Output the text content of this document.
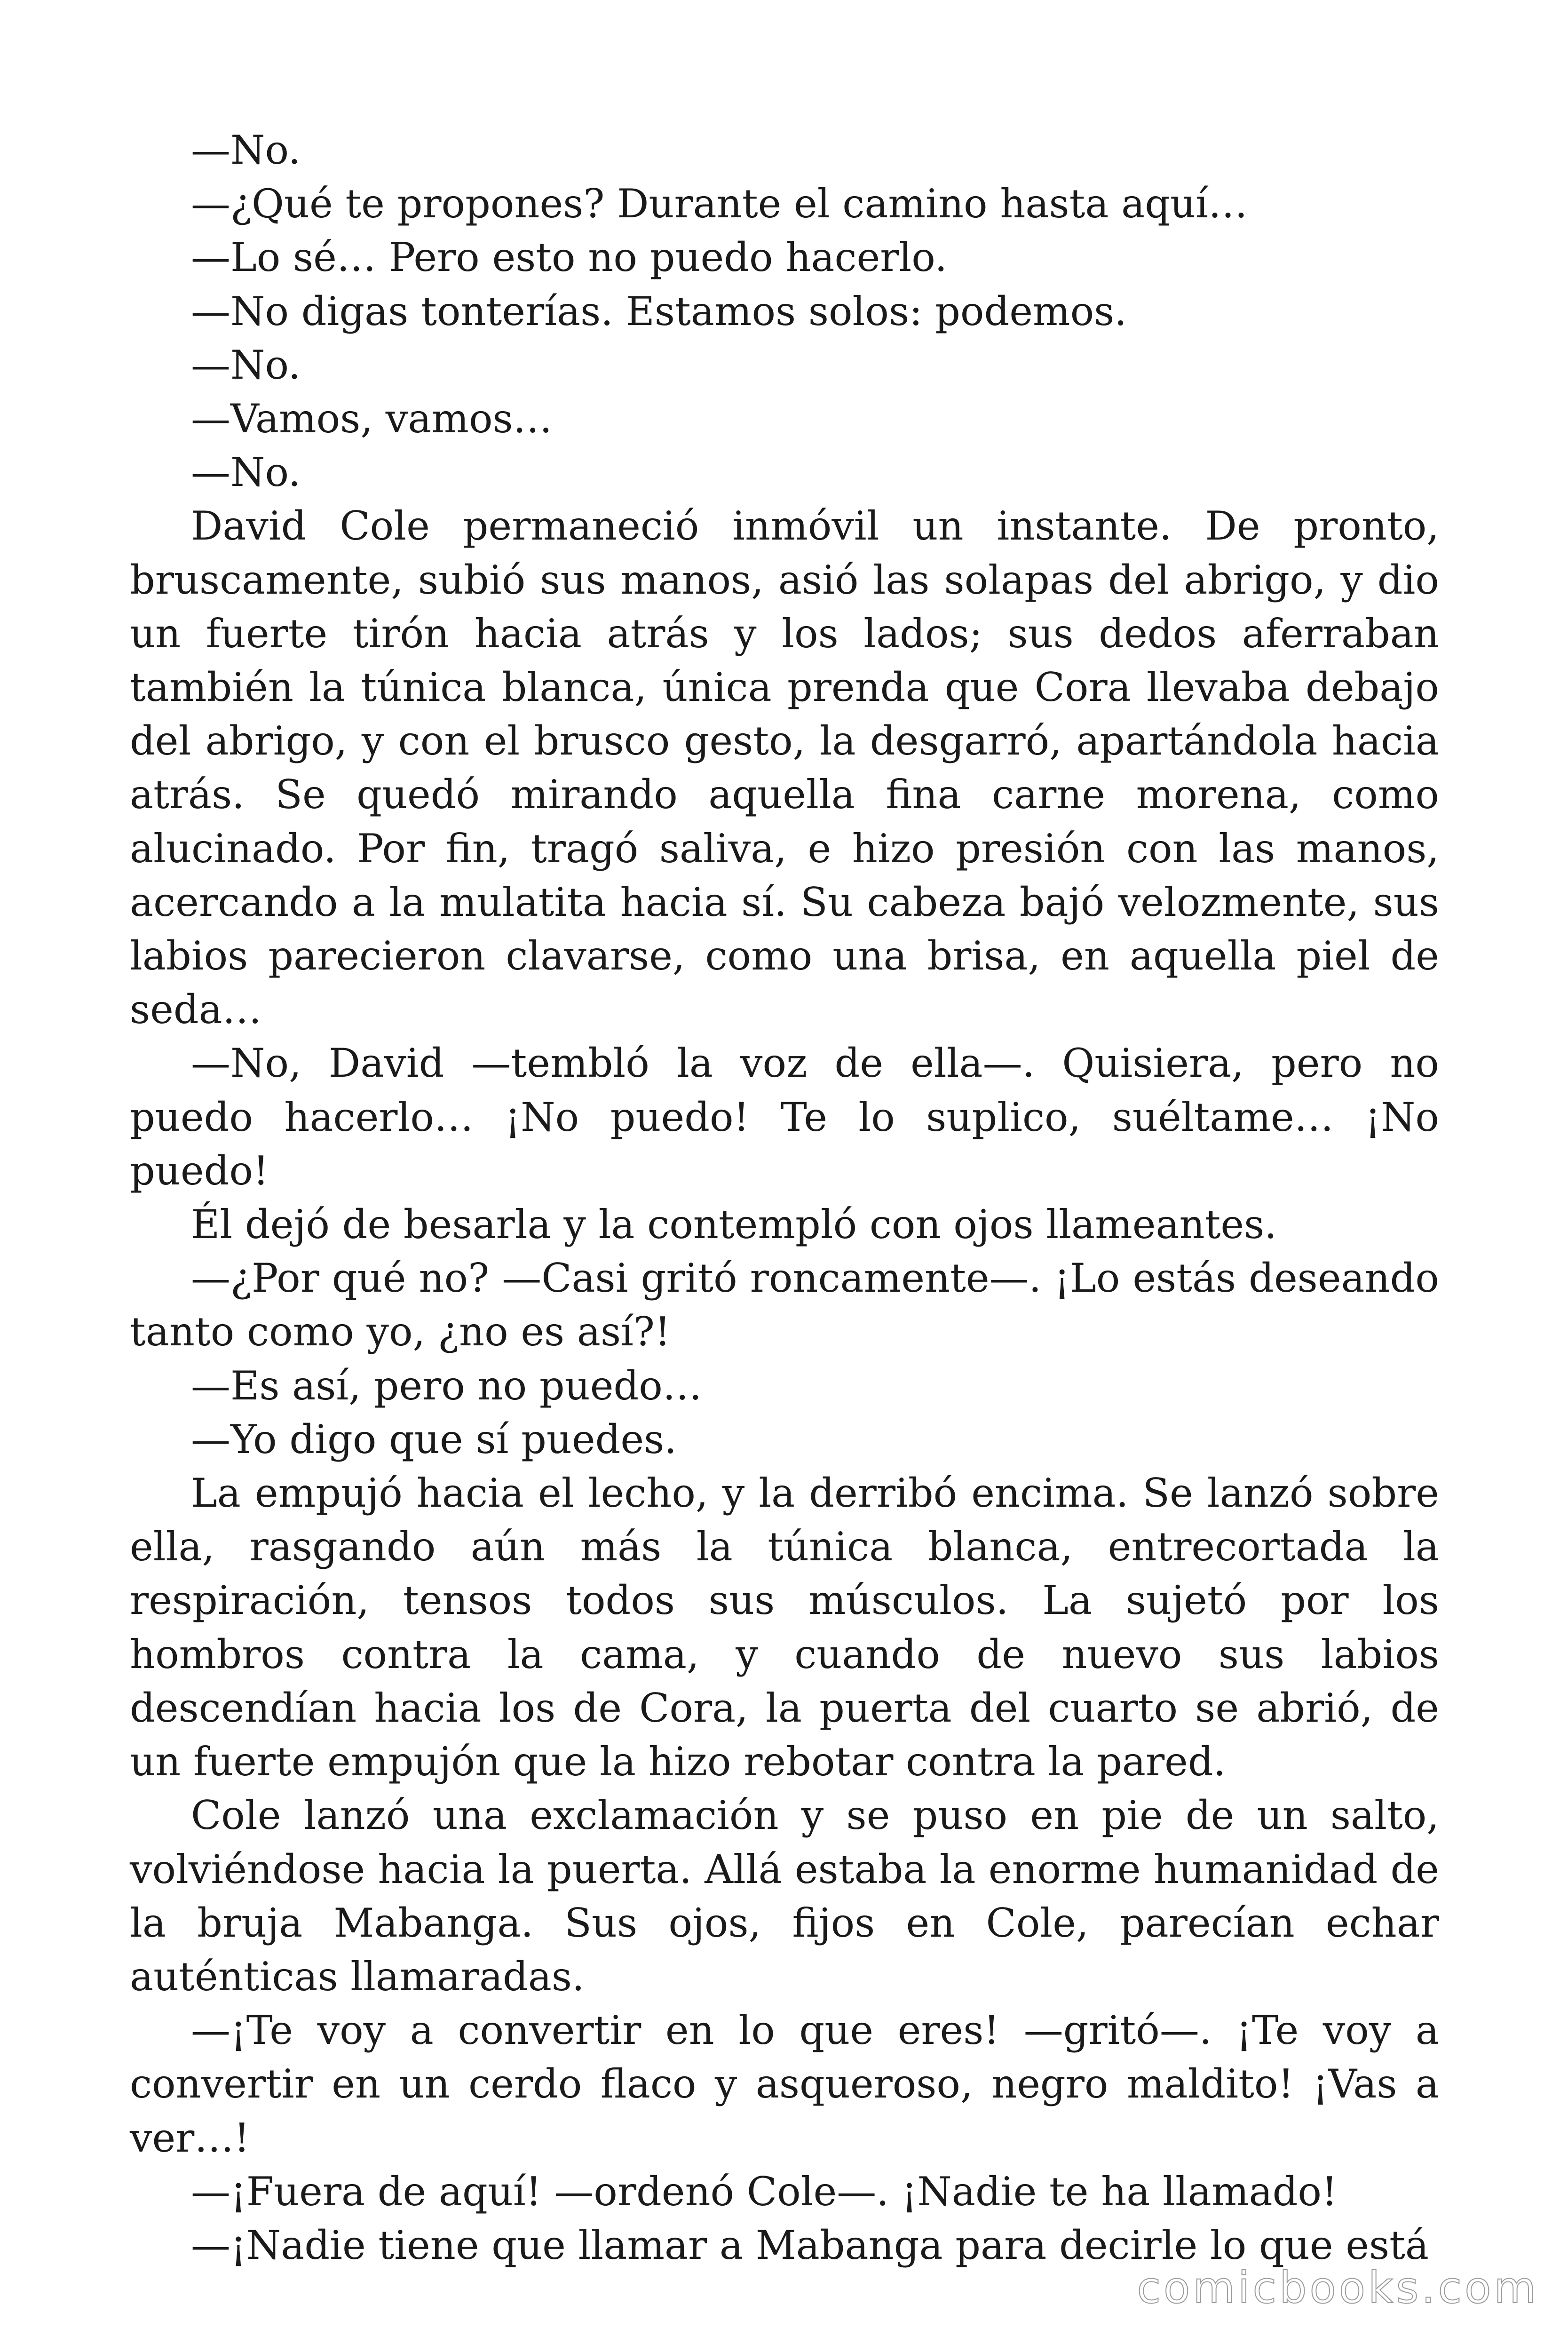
—No.

—¿Qué te propones? Durante el camino hasta aquí…

—Lo sé… Pero esto no puedo hacerlo.

—No digas tonterías. Estamos solos: podemos.

—No.

—Vamos, vamos…

—No.

David Cole permaneció inmóvil un instante. De pronto, bruscamente, subió sus manos, asió las solapas del abrigo, y dio un fuerte tirón hacia atrás y los lados; sus dedos aferraban también la túnica blanca, única prenda que Cora llevaba debajo del abrigo, y con el brusco gesto, la desgarró, apartándola hacia atrás. Se quedó mirando aquella fina carne morena, como alucinado. Por fin, tragó saliva, e hizo presión con las manos, acercando a la mulatita hacia sí. Su cabeza bajó velozmente, sus labios parecieron clavarse, como una brisa, en aquella piel de seda…

—No, David —tembló la voz de ella—. Quisiera, pero no puedo hacerlo… ¡No puedo! Te lo suplico, suéltame… ¡No puedo!

Él dejó de besarla y la contempló con ojos llameantes.

—¿Por qué no? —Casi gritó roncamente—. ¡Lo estás deseando tanto como yo, ¿no es así?!

—Es así, pero no puedo…

—Yo digo que sí puedes.

La empujó hacia el lecho, y la derribó encima. Se lanzó sobre ella, rasgando aún más la túnica blanca, entrecortada la respiración, tensos todos sus músculos. La sujetó por los hombros contra la cama, y cuando de nuevo sus labios descendían hacia los de Cora, la puerta del cuarto se abrió, de un fuerte empujón que la hizo rebotar contra la pared.

Cole lanzó una exclamación y se puso en pie de un salto, volviéndose hacia la puerta. Allá estaba la enorme humanidad de la bruja Mabanga. Sus ojos, fijos en Cole, parecían echar auténticas llamaradas.

—¡Te voy a convertir en lo que eres! —gritó—. ¡Te voy a convertir en un cerdo flaco y asqueroso, negro maldito! ¡Vas a ver…!

—¡Fuera de aquí! —ordenó Cole—. ¡Nadie te ha llamado!

—¡Nadie tiene que llamar a Mabanga para decirle lo que está

comicbooks.com
